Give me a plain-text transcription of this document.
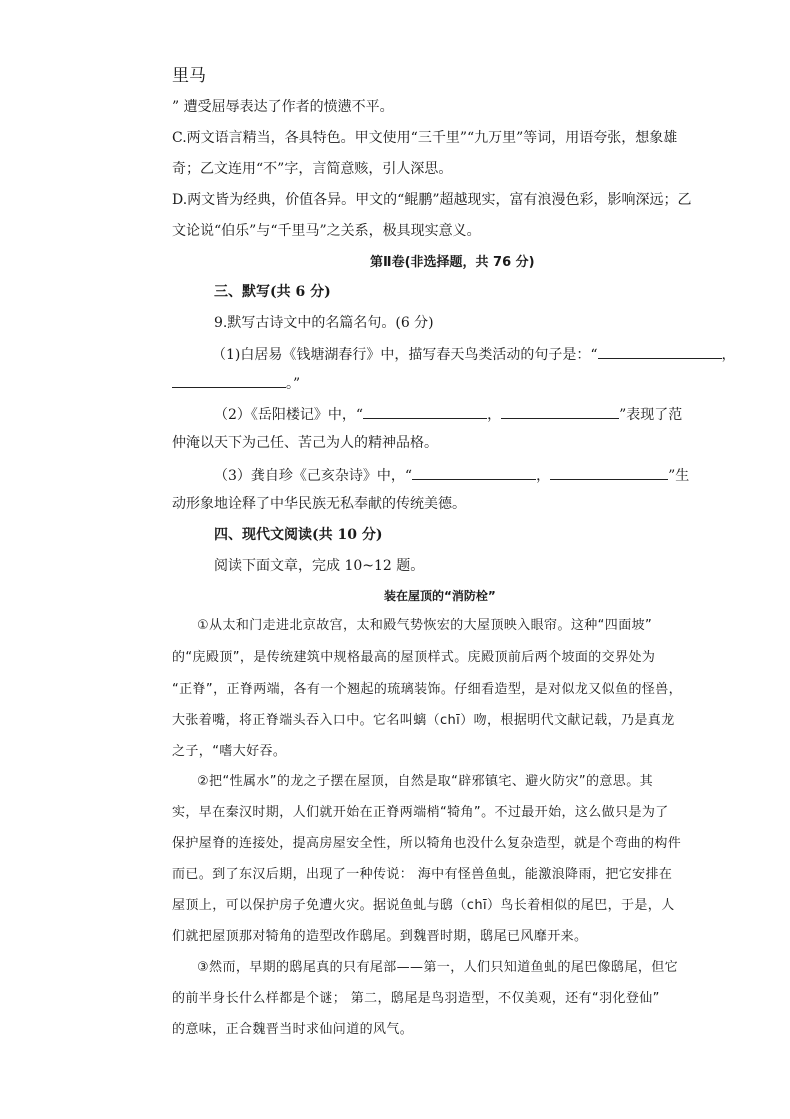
里马
” 遭受屈辱表达了作者的愤懑不平。
C.两文语言精当，各具特色。甲文使用“三千里”“九万里”等词，用语夸张，想象雄
奇；乙文连用“不”字，言简意赅，引人深思。
D.两文皆为经典，价值各异。甲文的“鲲鹏”超越现实，富有浪漫色彩，影响深远；乙
文论说“伯乐”与“千里马”之关系，极具现实意义。
第Ⅱ卷(非选择题，共 76 分)
三、默写(共 6 分)
9.默写古诗文中的名篇名句。(6 分)
（1)白居易《钱塘湖春行》中，描写春天鸟类活动的句子是：“	，
。”
（2）《岳阳楼记》中，“	，	”表现了范
仲淹以天下为己任、苦己为人的精神品格。
（3）龚自珍《己亥杂诗》中，“	，	”生
动形象地诠释了中华民族无私奉献的传统美德。
四、现代文阅读(共 10 分)
阅读下面文章，完成 10~12 题。
装在屋顶的“消防栓”
①从太和门走进北京故宫，太和殿气势恢宏的大屋顶映入眼帘。这种“四面坡”
的“庑殿顶”，是传统建筑中规格最高的屋顶样式。庑殿顶前后两个坡面的交界处为
“正脊”，正脊两端，各有一个翘起的琉璃装饰。仔细看造型，是对似龙又似鱼的怪兽，
大张着嘴，将正脊端头吞入口中。它名叫螭（chī）吻，根据明代文献记载，乃是真龙
之子，“嗜大好吞。
②把“性属水”的龙之子摆在屋顶，自然是取“辟邪镇宅、避火防灾”的意思。其
实，早在秦汉时期，人们就开始在正脊两端梢“犄角”。不过最开始，这么做只是为了
保护屋脊的连接处，提高房屋安全性，所以犄角也没什么复杂造型，就是个弯曲的构件
而已。到了东汉后期，出现了一种传说： 海中有怪兽鱼虬，能激浪降雨，把它安排在
屋顶上，可以保护房子免遭火灾。据说鱼虬与鸱（chī）鸟长着相似的尾巴，于是，人
们就把屋顶那对犄角的造型改作鸱尾。到魏晋时期，鸱尾已风靡开来。
③然而，早期的鸱尾真的只有尾部——第一，人们只知道鱼虬的尾巴像鸱尾，但它
的前半身长什么样都是个谜； 第二，鸱尾是鸟羽造型，不仅美观，还有“羽化登仙”
的意味，正合魏晋当时求仙问道的风气。
